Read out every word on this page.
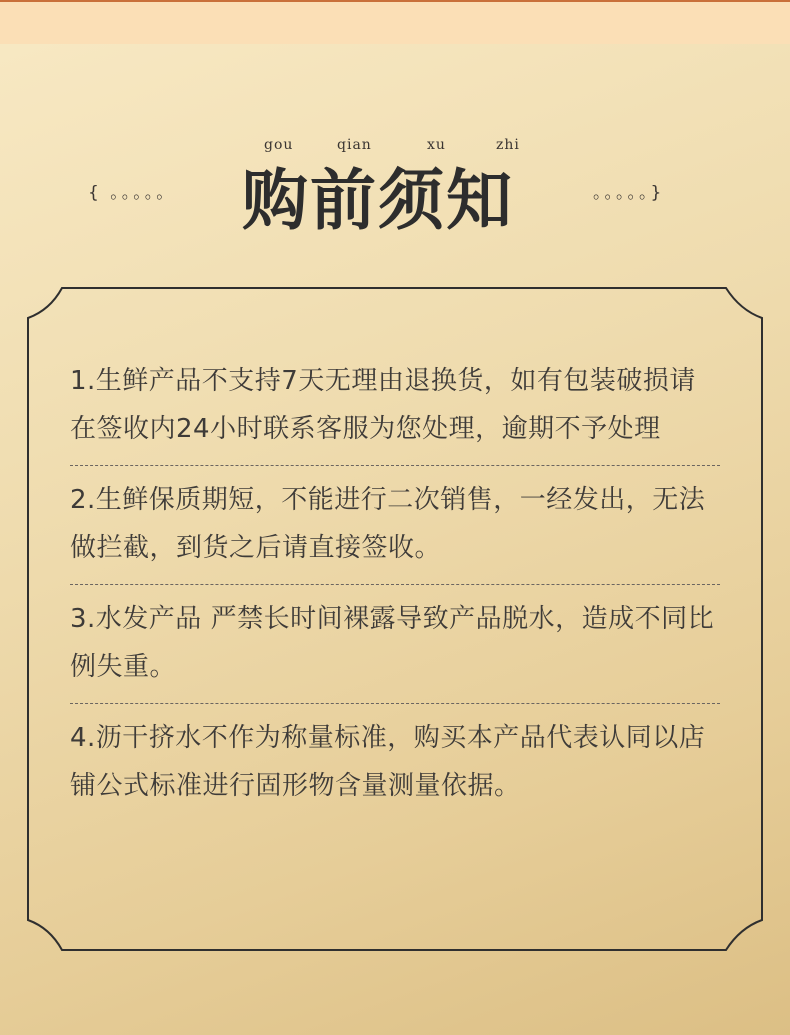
gou	qian	xu	zhi
{ 。。。。。 购前须知	。。。。。}
1.生鲜产品不支持7天无理由退换货，如有包装破损请在签收内24小时联系客服为您处理，逾期不予处理
2.生鲜保质期短，不能进行二次销售，一经发出，无法做拦截，到货之后请直接签收。
3.水发产品 严禁长时间裸露导致产品脱水，造成不同比例失重。
4.沥干挤水不作为称量标准，购买本产品代表认同以店铺公式标准进行固形物含量测量依据。
